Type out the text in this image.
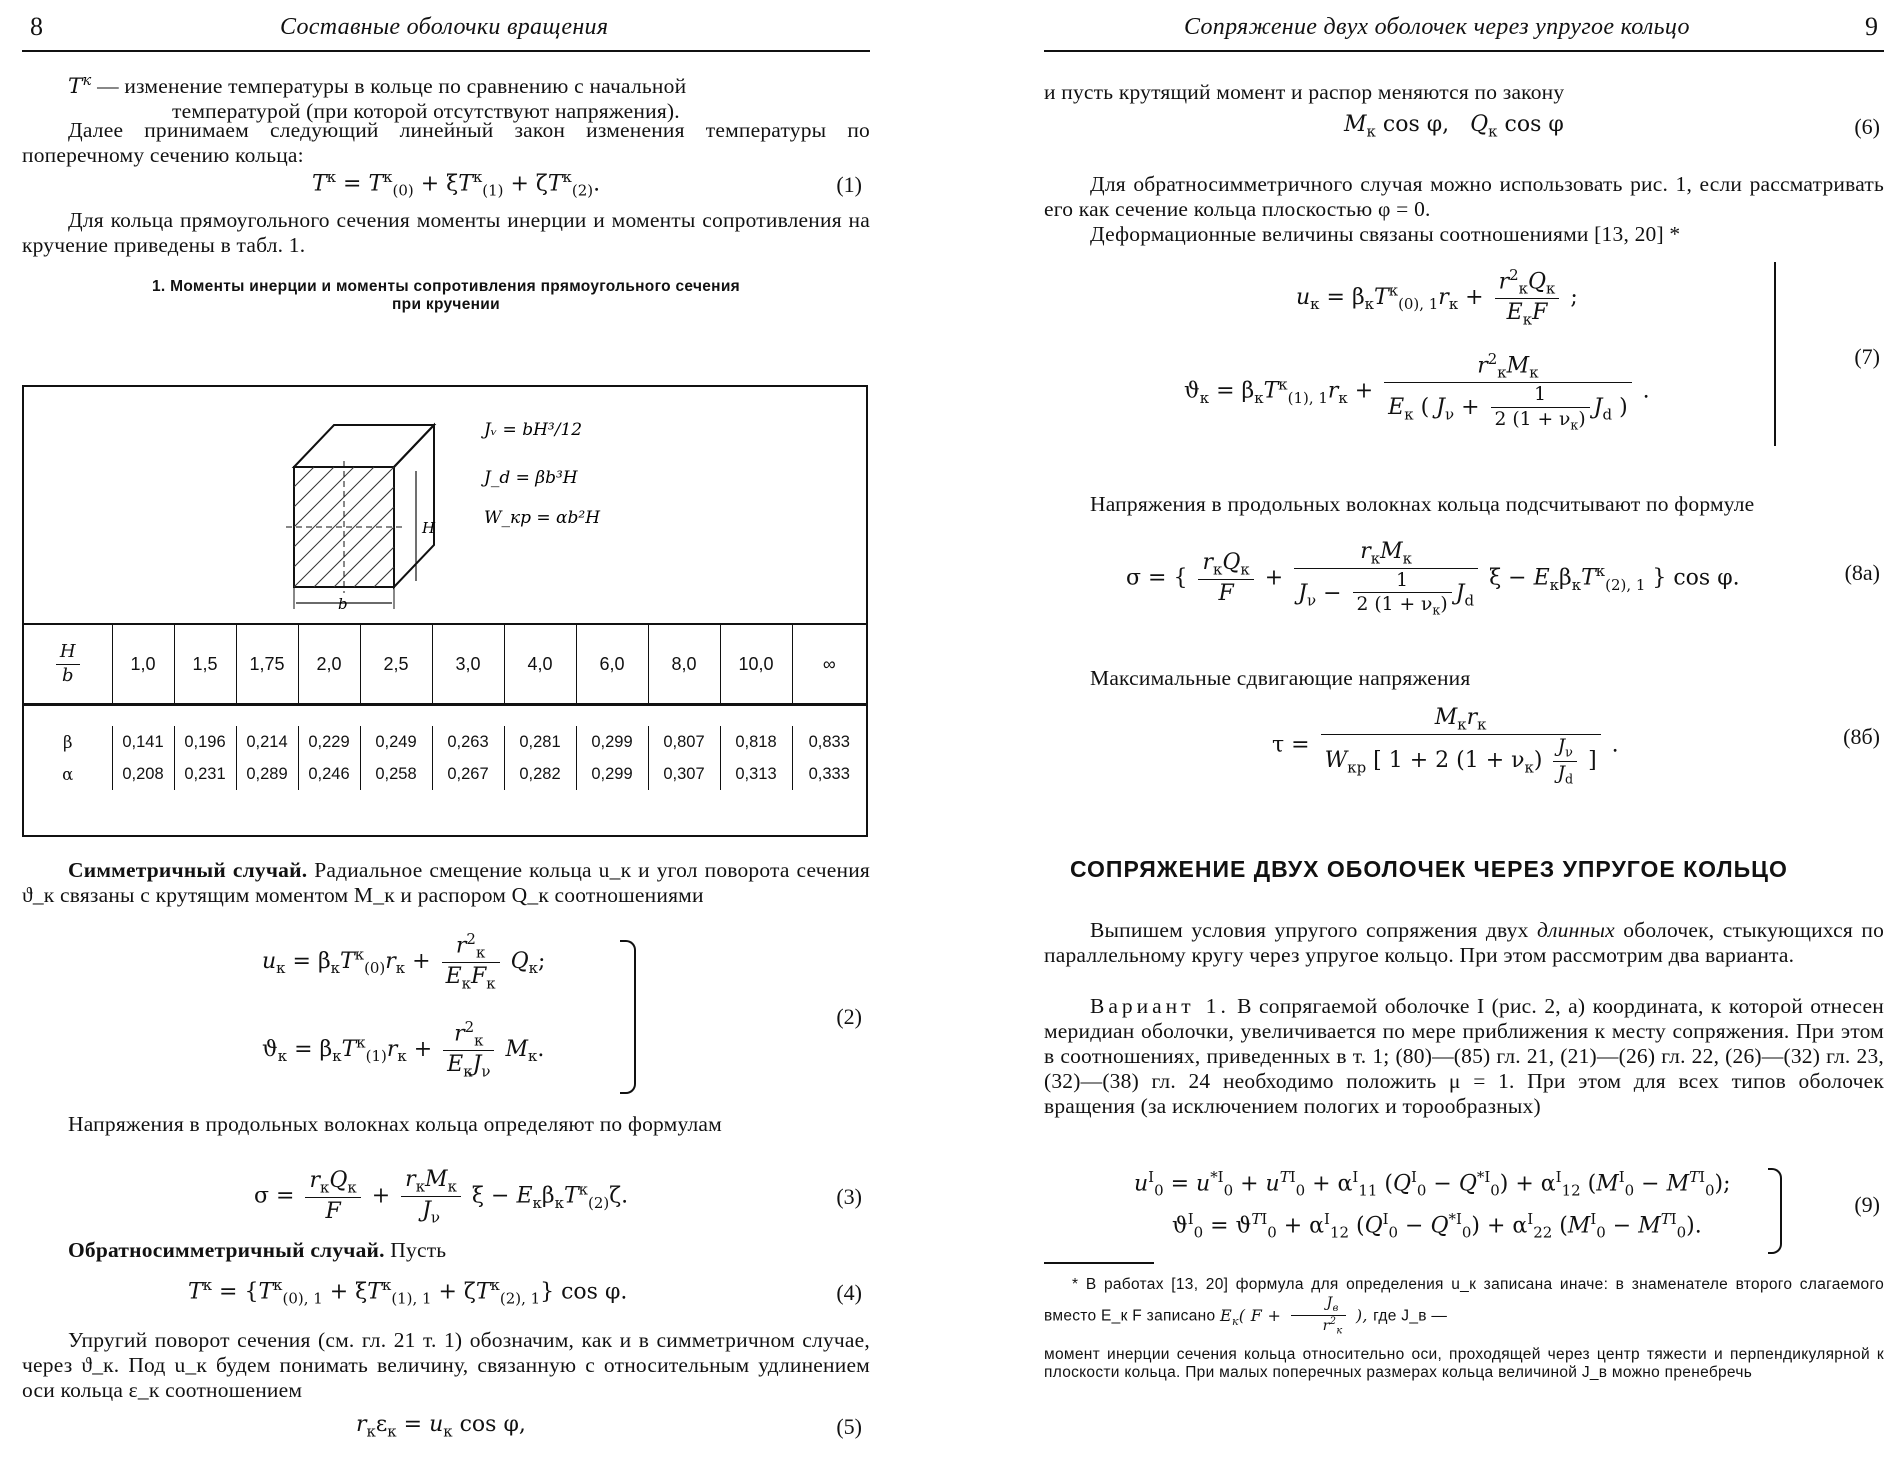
8	Составные оболочки вращения

$T^к$ — изменение температуры в кольце по сравнению с начальной

температурой (при которой отсутствуют напряжения).

Далее принимаем следующий линейный закон изменения температуры по поперечному сечению кольца:
$T^к = T^к_{(0)} + \xi T^к_{(1)} + \zeta T^к_{(2)}$.	(1)
Для кольца прямоугольного сечения моменты инерции и моменты сопротивления на кручение приведены в табл. 1.
1. Моменты инерции и моменты сопротивления прямоугольного сечения
при кручении
b
H
Jᵥ = bH³/12
J_d = βb³H
W_кр = αb²H
$\frac{H}{b}$	1,0	1,5	1,75	2,0	2,5	3,0	4,0	6,0	8,0	10,0	∞

β	0,141	0,196	0,214	0,229	0,249	0,263	0,281	0,299	0,807	0,818	0,833
α	0,208	0,231	0,289	0,246	0,258	0,267	0,282	0,299	0,307	0,313	0,333
Симметричный случай. Радиальное смещение кольца u_к и угол поворота сечения ϑ_к связаны с крутящим моментом M_к и распором Q_к соотношениями
$u_к = \beta_кT^к_{(0)}r_к + \frac{r^2_к}{E_кF_к} Q_к$;
$ϑ_к = \beta_кT^к_{(1)}r_к + \frac{r^2_к}{E_кJ_\nu} M_к$.
(2)
Напряжения в продольных волокнах кольца определяют по формулам
$\sigma = \frac{r_кQ_к}{F} + \frac{r_кM_к}{J_\nu}$ $\xi - E_к\beta_кT^к_{(2)}\zeta$.	(3)
Обратносимметричный случай. Пусть
$T^к = \{T^к_{(0), 1} + \xi T^к_{(1), 1} + \zeta T^к_{(2), 1}\}$ cos φ.	(4)
Упругий поворот сечения (см. гл. 21 т. 1) обозначим, как и в симметричном случае, через ϑ_к. Под u_к будем понимать величину, связанную с относительным удлинением оси кольца ε_к соотношением
$r_к\varepsilon_к = u_к$ cos φ,	(5)
Сопряжение двух оболочек через упругое кольцо	9
и пусть крутящий момент и распор меняются по закону
$M_к$ cos φ,   $Q_к$ cos φ	(6)
Для обратносимметричного случая можно использовать рис. 1, если рассматривать его как сечение кольца плоскостью φ = 0.
Деформационные величины связаны соотношениями [13, 20] *
$u_к = \beta_кT^к_{(0), 1}r_к + \frac{r^2_кQ_к}{E_кF}$ ;
$ϑ_к = \beta_кT^к_{(1), 1}r_к + \frac{r^2_кM_к}{E_к ( J_\nu + \frac{1}{2 (1 + \nu_к)} J_d )}$ .
(7)
Напряжения в продольных волокнах кольца подсчитывают по формуле
σ = { $\frac{r_кQ_к}{F} + \frac{r_кM_к}{J_\nu - \frac{1}{2 (1 + \nu_к)} J_d}$ $\xi - E_к\beta_кT^к_{(2), 1}$ } cos φ.	(8а)
Максимальные сдвигающие напряжения
$\tau = \frac{M_кr_к}{W_{кр} [ 1 + 2 (1 + \nu_к) \frac{J_\nu}{J_d} ]}$ .	(8б)
СОПРЯЖЕНИЕ ДВУХ ОБОЛОЧЕК ЧЕРЕЗ УПРУГОЕ КОЛЬЦО
Выпишем условия упругого сопряжения двух длинных оболочек, стыкующихся по параллельному кругу через упругое кольцо. При этом рассмотрим два варианта.
Вариант 1. В сопрягаемой оболочке I (рис. 2, а) координата, к которой отнесен меридиан оболочки, увеличивается по мере приближения к месту сопряжения. При этом в соотношениях, приведенных в т. 1; (80)—(85) гл. 21, (21)—(26) гл. 22, (26)—(32) гл. 23, (32)—(38) гл. 24 необходимо положить μ = 1. При этом для всех типов оболочек вращения (за исключением пологих и торообразных)
$u^I_0 = u^{*I}_0 + u^{TI}_0 + \alpha^I_{11}$ $(Q^I_0 - Q^{*I}_0) + \alpha^I_{12}$ $(M^I_0 - M^{TI}_0)$;
$ϑ^I_0 = ϑ^{TI}_0 + \alpha^I_{12}$ $(Q^I_0 - Q^{*I}_0) + \alpha^I_{22}$ $(M^I_0 - M^{TI}_0)$.
(9)

* В работах [13, 20] формула для определения u_к записана иначе: в знаменателе второго слагаемого вместо E_к F записано $E_к$( $F + \frac{J_в}{r^2_к}$ ), где J_в —

момент инерции сечения кольца относительно оси, проходящей через центр тяжести и перпендикулярной к плоскости кольца. При малых поперечных размерах кольца величиной J_в можно пренебречь
